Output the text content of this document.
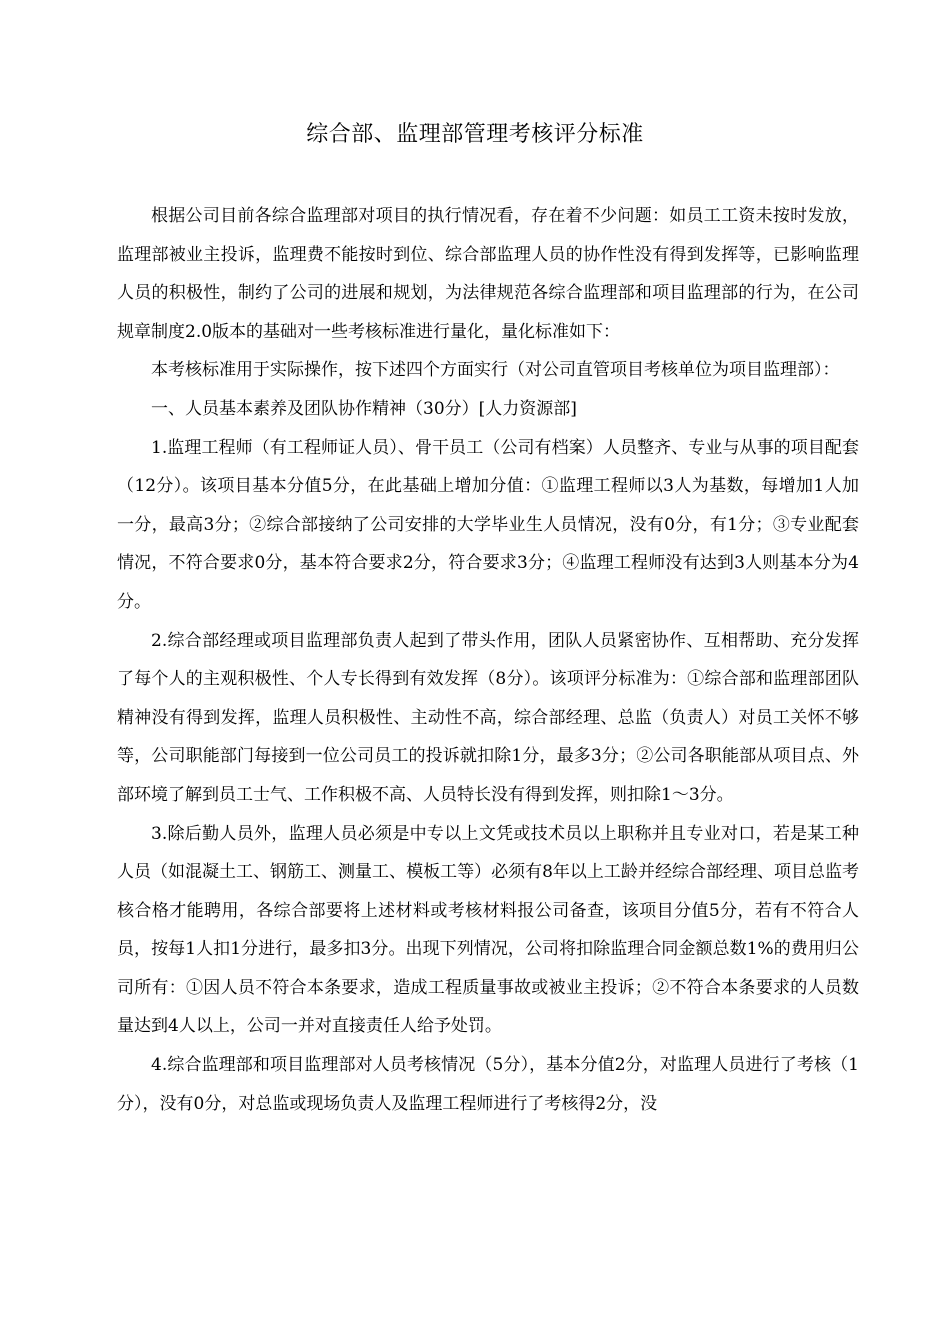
综合部、监理部管理考核评分标准

根据公司目前各综合监理部对项目的执行情况看，存在着不少问题：如员工工资未按时发放，监理部被业主投诉，监理费不能按时到位、综合部监理人员的协作性没有得到发挥等，已影响监理人员的积极性，制约了公司的进展和规划，为法律规范各综合监理部和项目监理部的行为，在公司规章制度2.0版本的基础对一些考核标准进行量化，量化标准如下：

本考核标准用于实际操作，按下述四个方面实行（对公司直管项目考核单位为项目监理部）：

一、人员基本素养及团队协作精神（30分）[人力资源部]

1.监理工程师（有工程师证人员）、骨干员工（公司有档案）人员整齐、专业与从事的项目配套（12分）。该项目基本分值5分，在此基础上增加分值：①监理工程师以3人为基数，每增加1人加一分，最高3分；②综合部接纳了公司安排的大学毕业生人员情况，没有0分，有1分；③专业配套情况，不符合要求0分，基本符合要求2分，符合要求3分；④监理工程师没有达到3人则基本分为4分。

2.综合部经理或项目监理部负责人起到了带头作用，团队人员紧密协作、互相帮助、充分发挥了每个人的主观积极性、个人专长得到有效发挥（8分）。该项评分标准为：①综合部和监理部团队精神没有得到发挥，监理人员积极性、主动性不高，综合部经理、总监（负责人）对员工关怀不够等，公司职能部门每接到一位公司员工的投诉就扣除1分，最多3分；②公司各职能部从项目点、外部环境了解到员工士气、工作积极不高、人员特长没有得到发挥，则扣除1～3分。

3.除后勤人员外，监理人员必须是中专以上文凭或技术员以上职称并且专业对口，若是某工种人员（如混凝土工、钢筋工、测量工、模板工等）必须有8年以上工龄并经综合部经理、项目总监考核合格才能聘用，各综合部要将上述材料或考核材料报公司备查，该项目分值5分，若有不符合人员，按每1人扣1分进行，最多扣3分。出现下列情况，公司将扣除监理合同金额总数1%的费用归公司所有：①因人员不符合本条要求，造成工程质量事故或被业主投诉；②不符合本条要求的人员数量达到4人以上，公司一并对直接责任人给予处罚。

4.综合监理部和项目监理部对人员考核情况（5分），基本分值2分，对监理人员进行了考核（1分），没有0分，对总监或现场负责人及监理工程师进行了考核得2分，没
